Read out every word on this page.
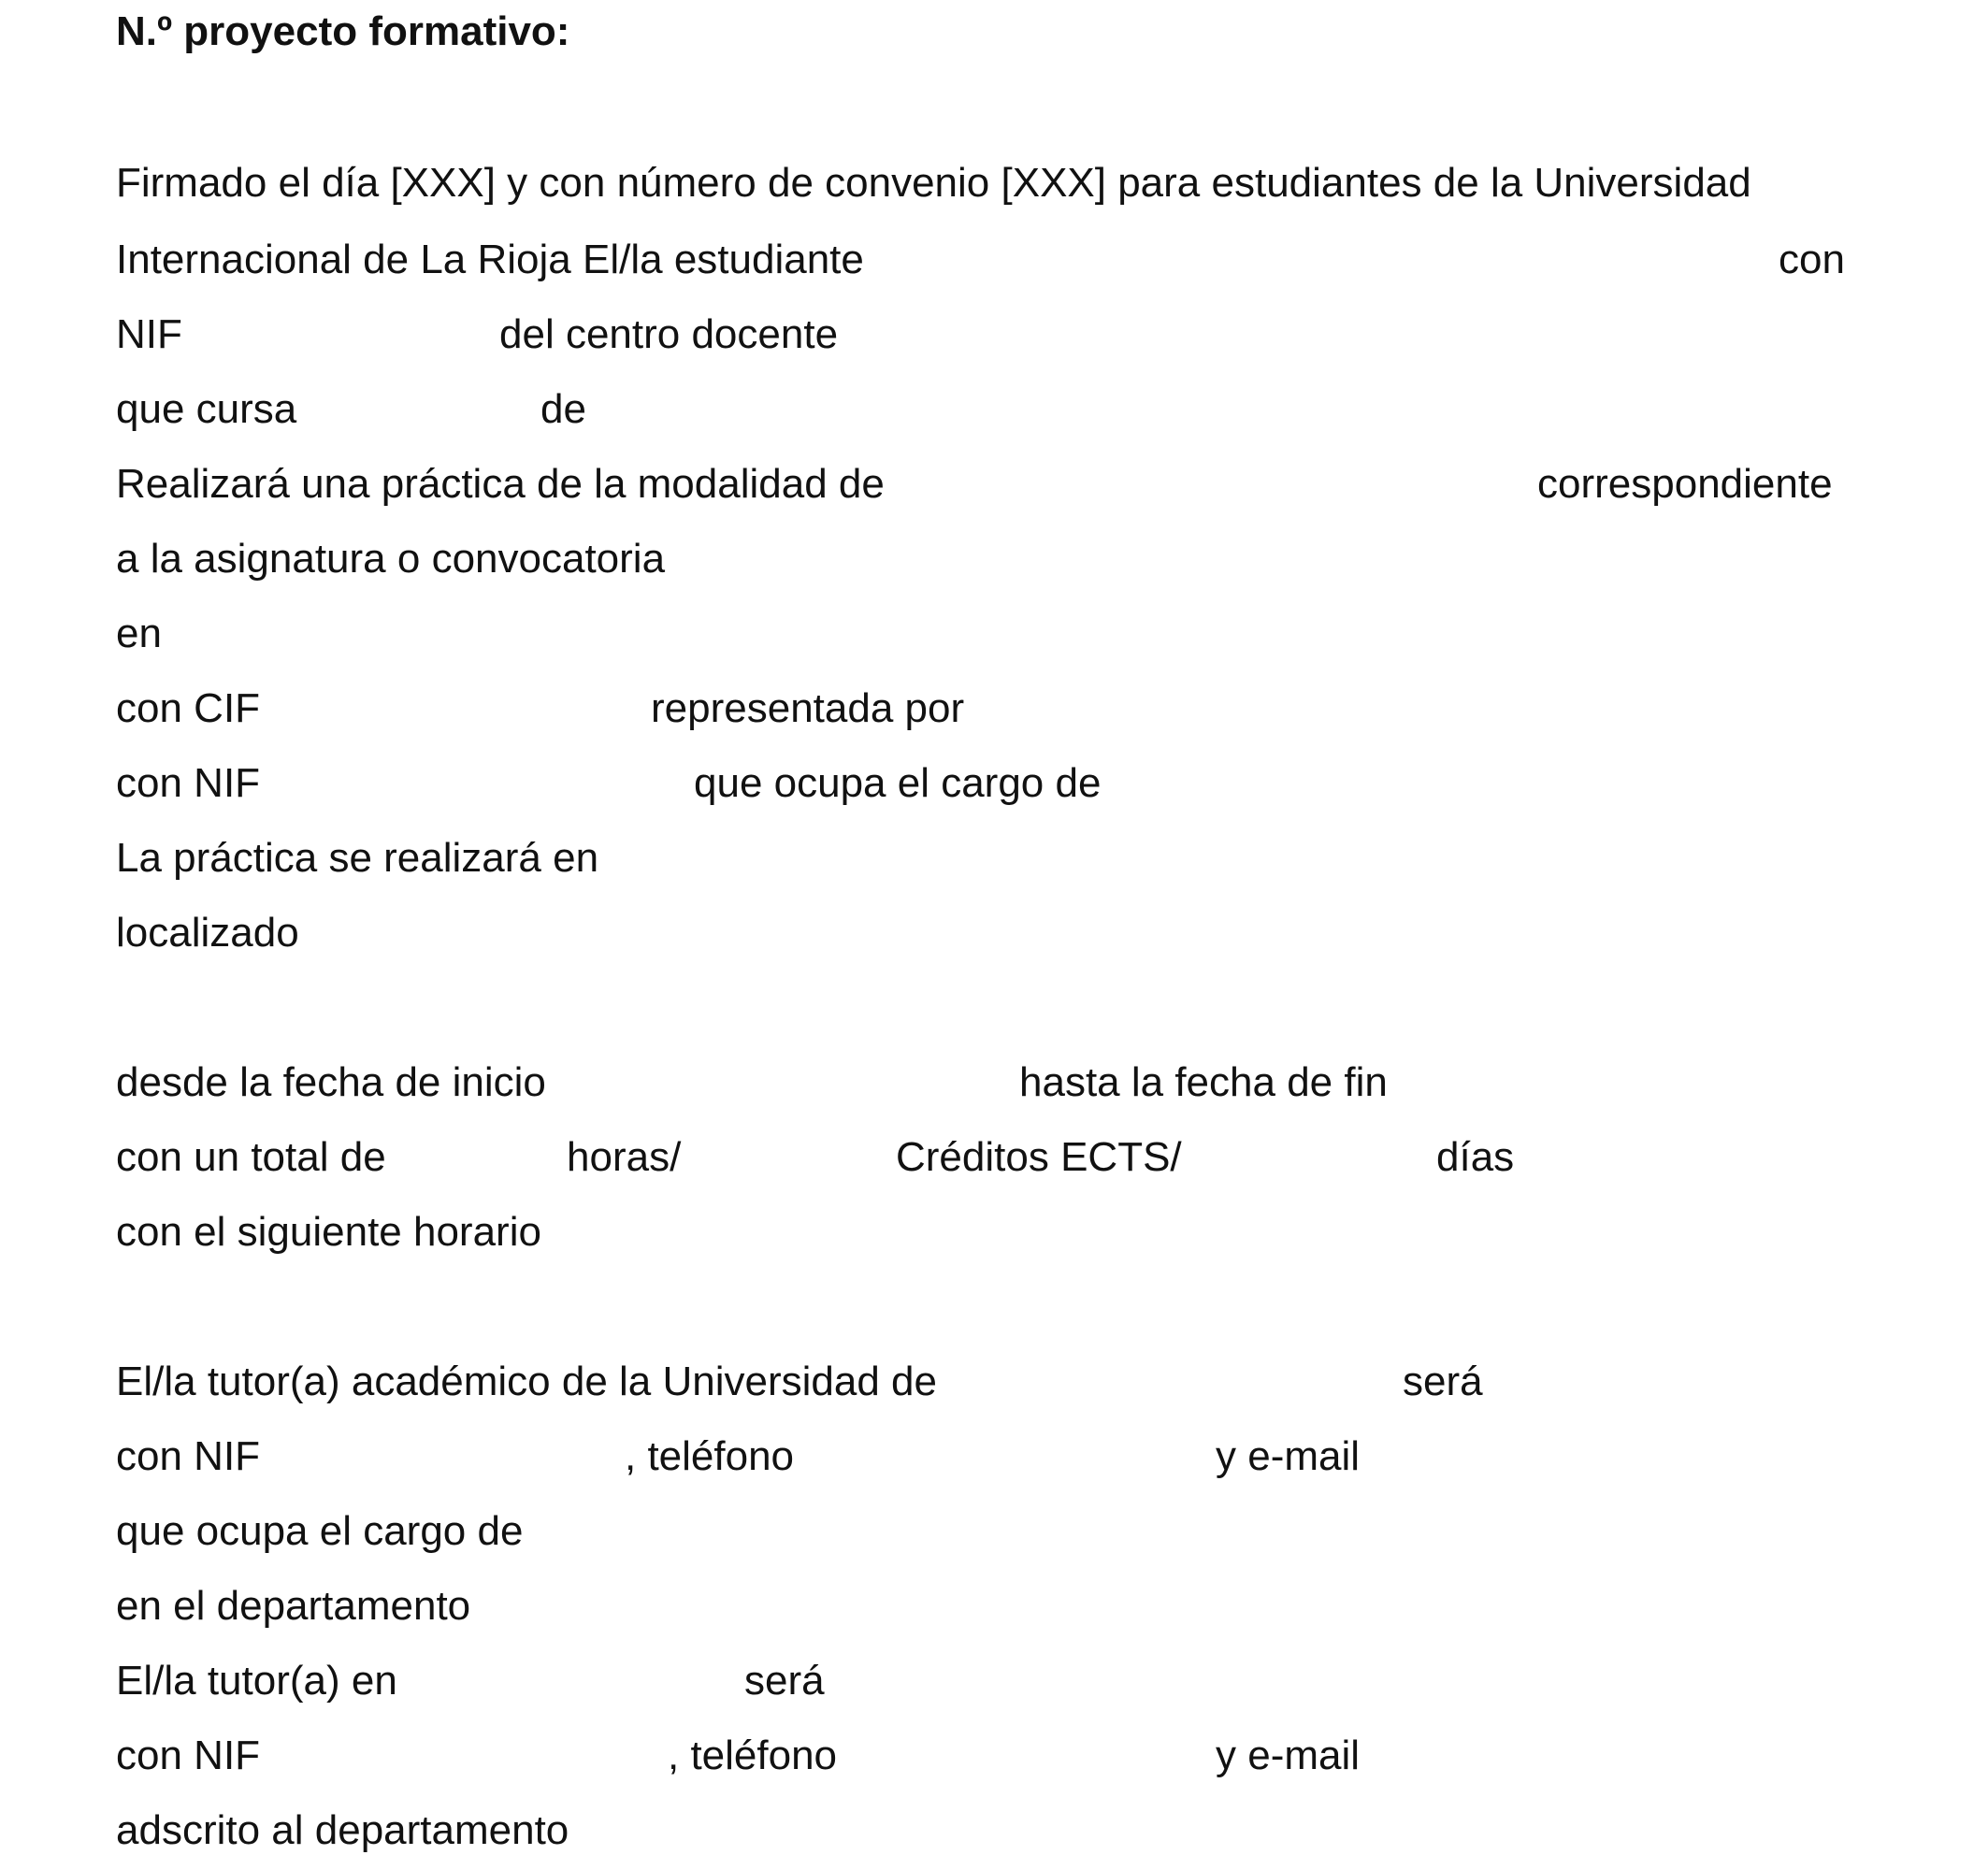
N.º proyecto formativo:

Firmado el día [XXX] y con número de convenio [XXX] para estudiantes de la Universidad

Internacional de La Rioja El/la estudiante	con

NIF	del centro docente

que cursa	de

Realizará una práctica de la modalidad de	correspondiente

a la asignatura o convocatoria

en

con CIF	representada por

con NIF	que ocupa el cargo de

La práctica se realizará en

localizado

desde la fecha de inicio	hasta la fecha de fin

con un total de	horas/	Créditos ECTS/	días

con el siguiente horario

El/la tutor(a) académico de la Universidad de	será

con NIF	, teléfono	y e-mail

que ocupa el cargo de

en el departamento

El/la tutor(a) en	será

con NIF	, teléfono	y e-mail

adscrito al departamento
